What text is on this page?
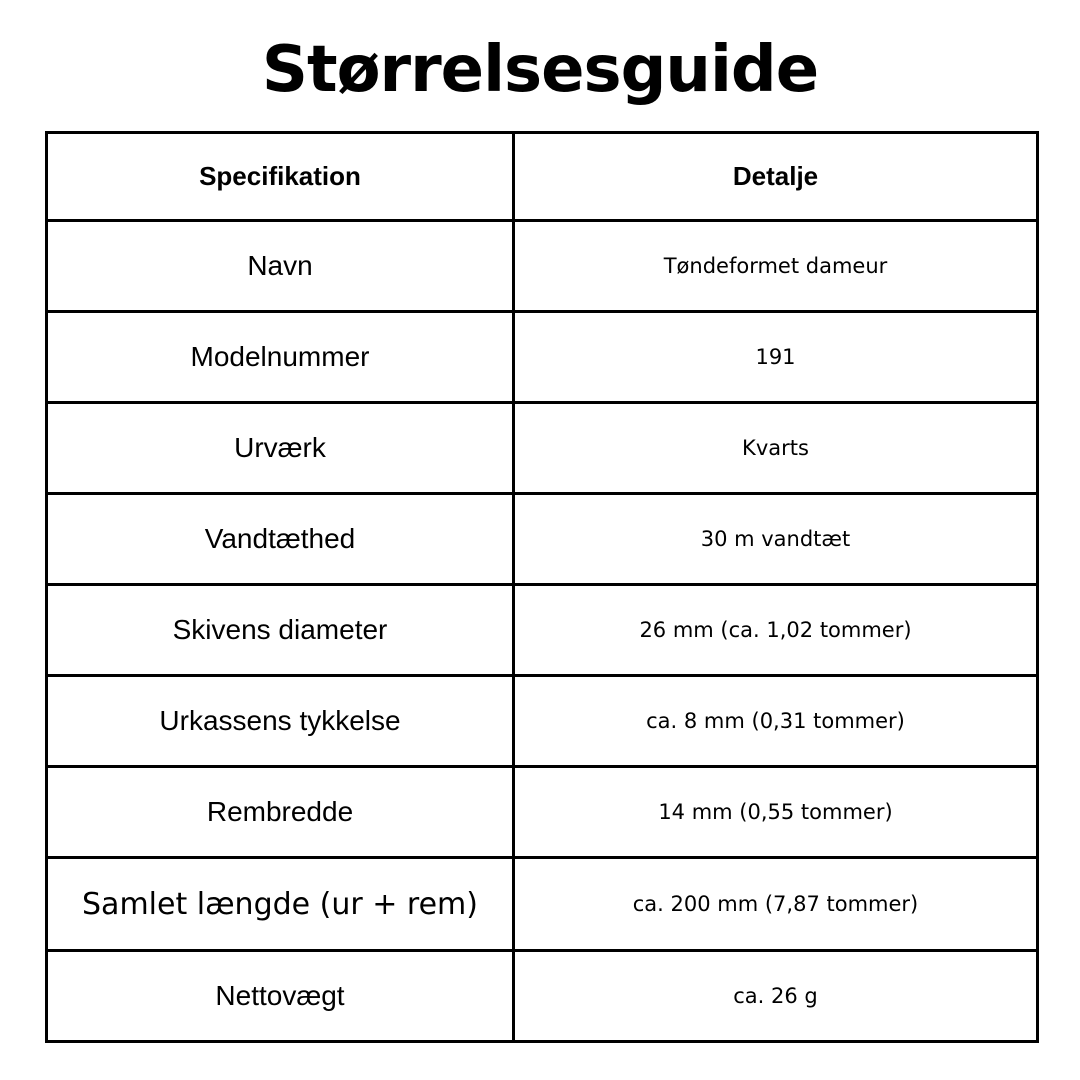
Størrelsesguide
Specifikation	Detalje
Navn	Tøndeformet dameur
Modelnummer	191
Urværk	Kvarts
Vandtæthed	30 m vandtæt
Skivens diameter	26 mm (ca. 1,02 tommer)
Urkassens tykkelse	ca. 8 mm (0,31 tommer)
Rembredde	14 mm (0,55 tommer)
Samlet længde (ur + rem)	ca. 200 mm (7,87 tommer)
Nettovægt	ca. 26 g
